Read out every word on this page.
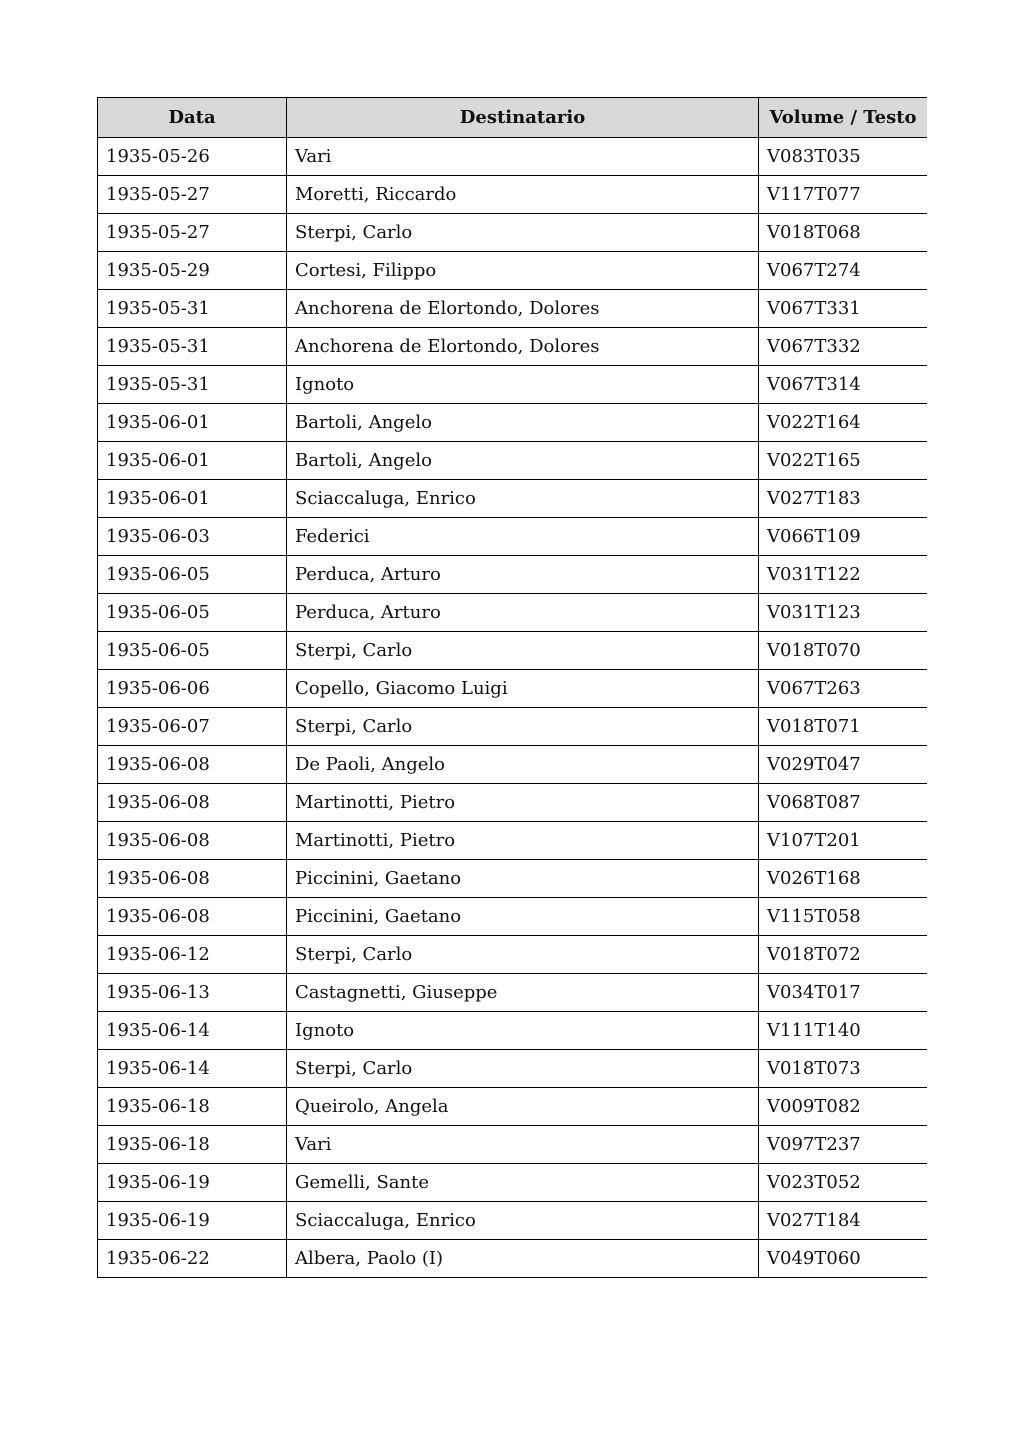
Data	Destinatario	Volume / Testo
1935-05-26	Vari	V083T035
1935-05-27	Moretti, Riccardo	V117T077
1935-05-27	Sterpi, Carlo	V018T068
1935-05-29	Cortesi, Filippo	V067T274
1935-05-31	Anchorena de Elortondo, Dolores	V067T331
1935-05-31	Anchorena de Elortondo, Dolores	V067T332
1935-05-31	Ignoto	V067T314
1935-06-01	Bartoli, Angelo	V022T164
1935-06-01	Bartoli, Angelo	V022T165
1935-06-01	Sciaccaluga, Enrico	V027T183
1935-06-03	Federici	V066T109
1935-06-05	Perduca, Arturo	V031T122
1935-06-05	Perduca, Arturo	V031T123
1935-06-05	Sterpi, Carlo	V018T070
1935-06-06	Copello, Giacomo Luigi	V067T263
1935-06-07	Sterpi, Carlo	V018T071
1935-06-08	De Paoli, Angelo	V029T047
1935-06-08	Martinotti, Pietro	V068T087
1935-06-08	Martinotti, Pietro	V107T201
1935-06-08	Piccinini, Gaetano	V026T168
1935-06-08	Piccinini, Gaetano	V115T058
1935-06-12	Sterpi, Carlo	V018T072
1935-06-13	Castagnetti, Giuseppe	V034T017
1935-06-14	Ignoto	V111T140
1935-06-14	Sterpi, Carlo	V018T073
1935-06-18	Queirolo, Angela	V009T082
1935-06-18	Vari	V097T237
1935-06-19	Gemelli, Sante	V023T052
1935-06-19	Sciaccaluga, Enrico	V027T184
1935-06-22	Albera, Paolo (I)	V049T060
